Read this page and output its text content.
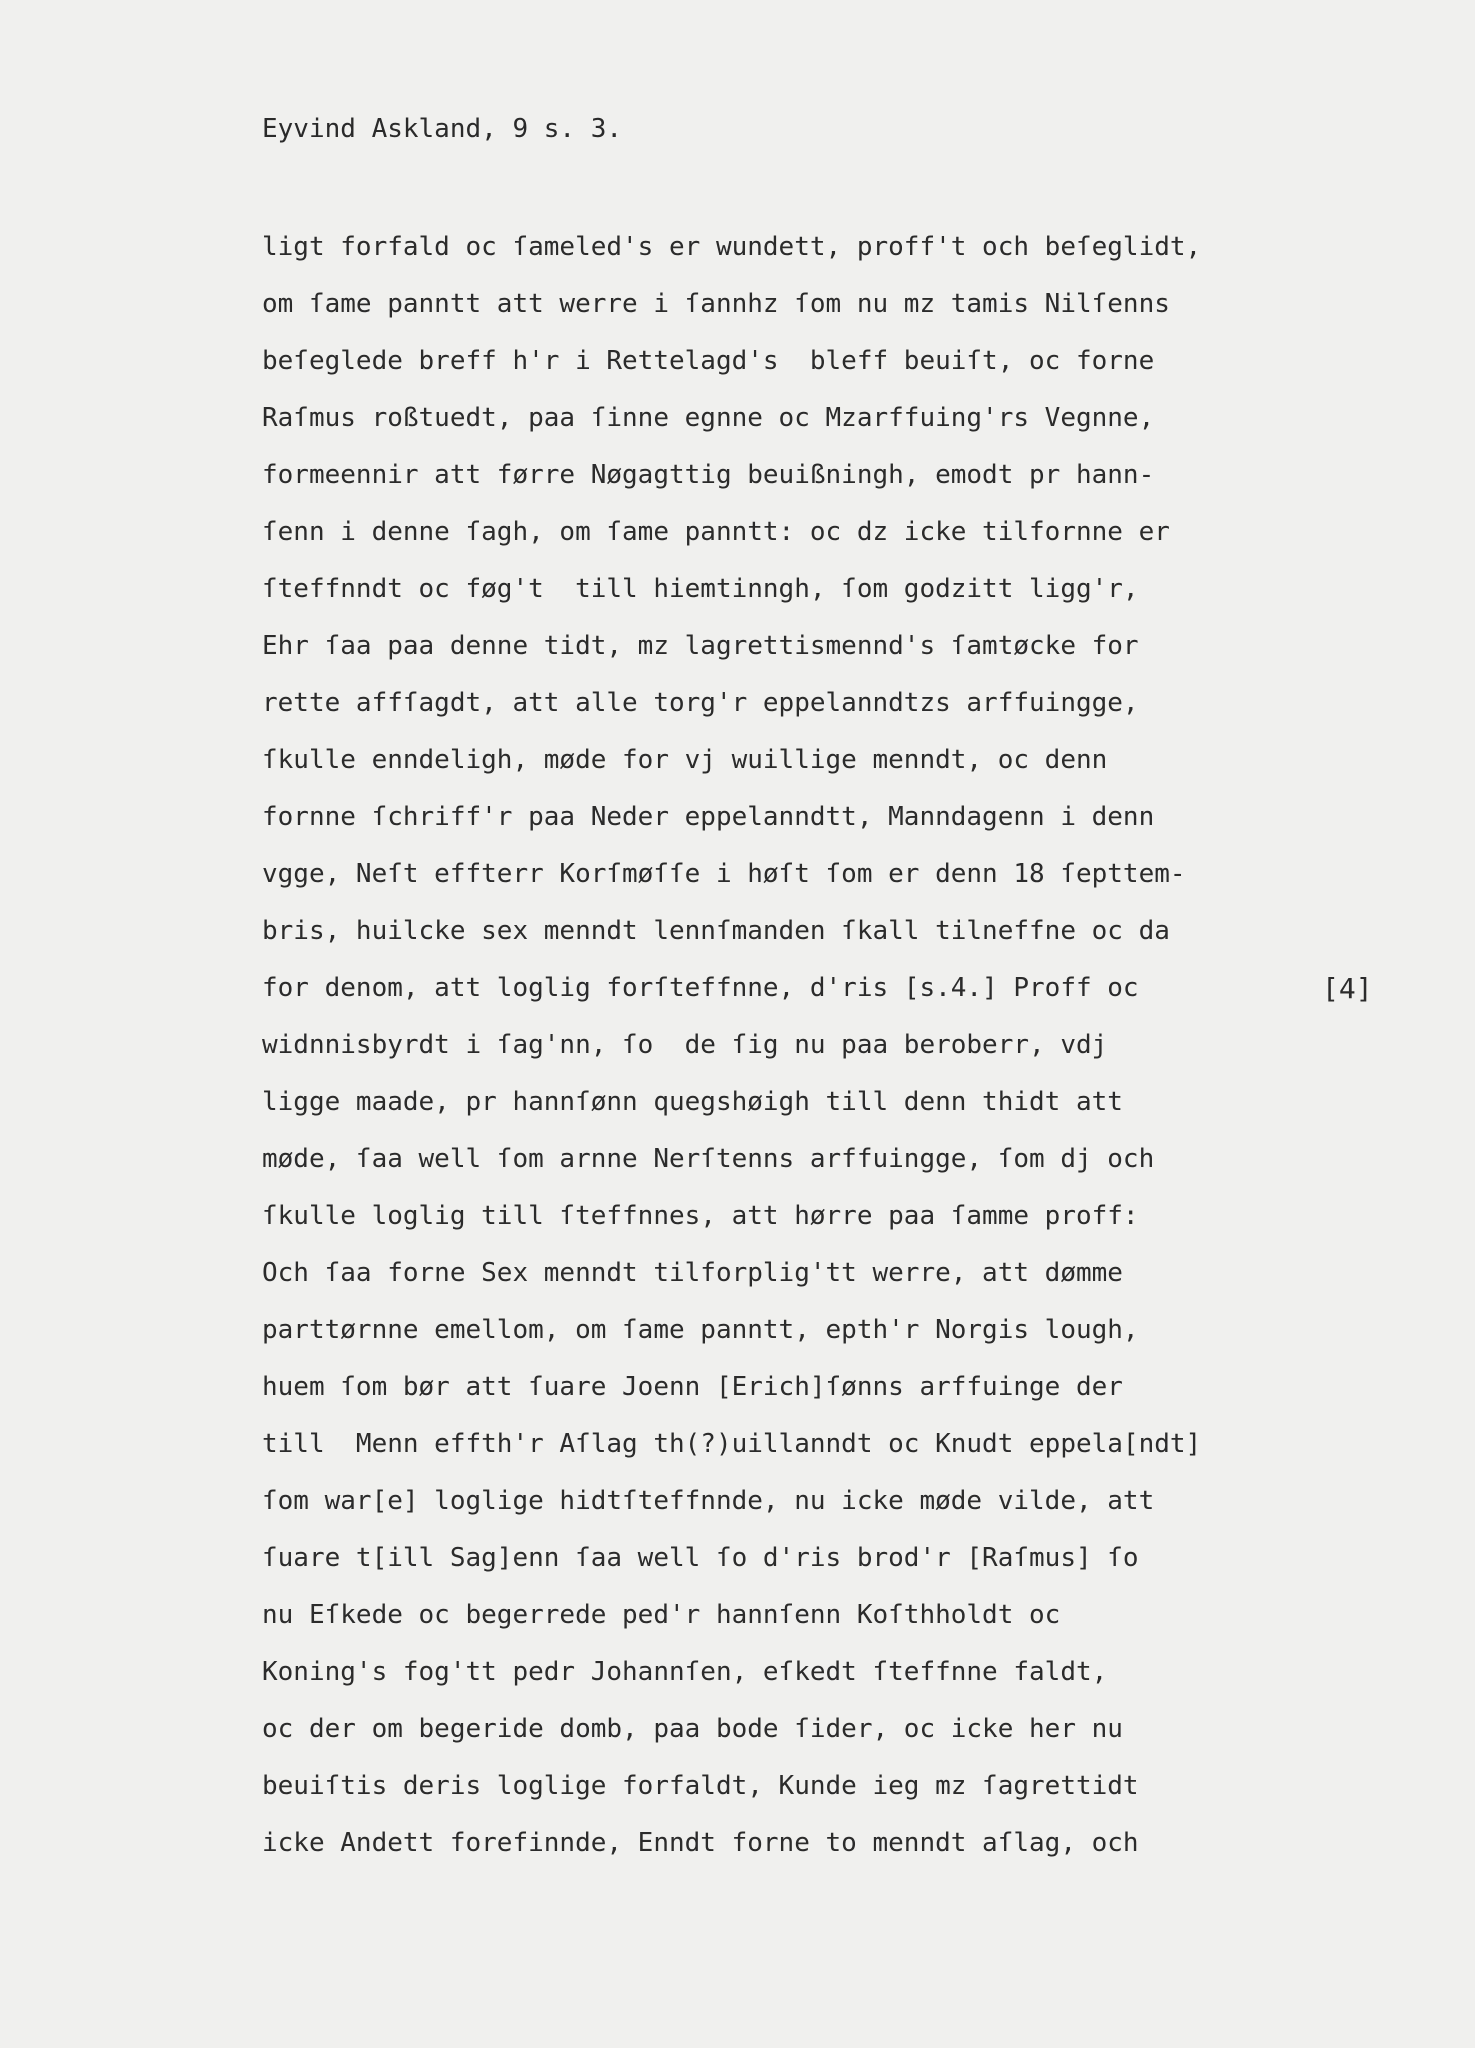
Eyvind Askland, 9 s. 3.
ligt forfald oc ſameled's er wundett, proff't och beſeglidt,
om ſame panntt att werre i ſannhz ſom nu mz tamis Nilſenns
beſeglede breff h'r i Rettelagd's  bleff beuiſt, oc forne
Raſmus roßtuedt, paa ſinne egnne oc Mzarffuing'rs Vegnne,
formeennir att førre Nøgagttig beuißningh, emodt pr hann-
ſenn i denne ſagh, om ſame panntt: oc dz icke tilfornne er
ſteffnndt oc føg't  till hiemtinngh, ſom godzitt ligg'r,
Ehr ſaa paa denne tidt, mz lagrettismennd's ſamtøcke for
rette affſagdt, att alle torg'r eppelanndtzs arffuingge,
ſkulle enndeligh, møde for vj wuillige menndt, oc denn
fornne ſchriff'r paa Neder eppelanndtt, Manndagenn i denn
vgge, Neſt effterr Korſmøſſe i høſt ſom er denn 18 ſepttem-
bris, huilcke sex menndt lennſmanden ſkall tilneffne oc da
for denom, att loglig forſteffnne, d'ris [s.4.] Proff oc
widnnisbyrdt i ſag'nn, ſo  de ſig nu paa beroberr, vdj
ligge maade, pr hannſønn quegshøigh till denn thidt att
møde, ſaa well ſom arnne Nerſtenns arffuingge, ſom dj och
ſkulle loglig till ſteffnnes, att hørre paa ſamme proff:
Och ſaa forne Sex menndt tilforplig'tt werre, att dømme
parttørnne emellom, om ſame panntt, epth'r Norgis lough,
huem ſom bør att ſuare Joenn [Erich]ſønns arffuinge der
till  Menn effth'r Aſlag th(?)uillanndt oc Knudt eppela[ndt]
ſom war[e] loglige hidtſteffnnde, nu icke møde vilde, att
ſuare t[ill Sag]enn ſaa well ſo d'ris brod'r [Raſmus] ſo
nu Eſkede oc begerrede ped'r hannſenn Koſthholdt oc
Koning's fog'tt pedr Johannſen, eſkedt ſteffnne faldt,
oc der om begeride domb, paa bode ſider, oc icke her nu
beuiſtis deris loglige forfaldt, Kunde ieg mz ſagrettidt
icke Andett forefinnde, Enndt forne to menndt aſlag, och
[4]
